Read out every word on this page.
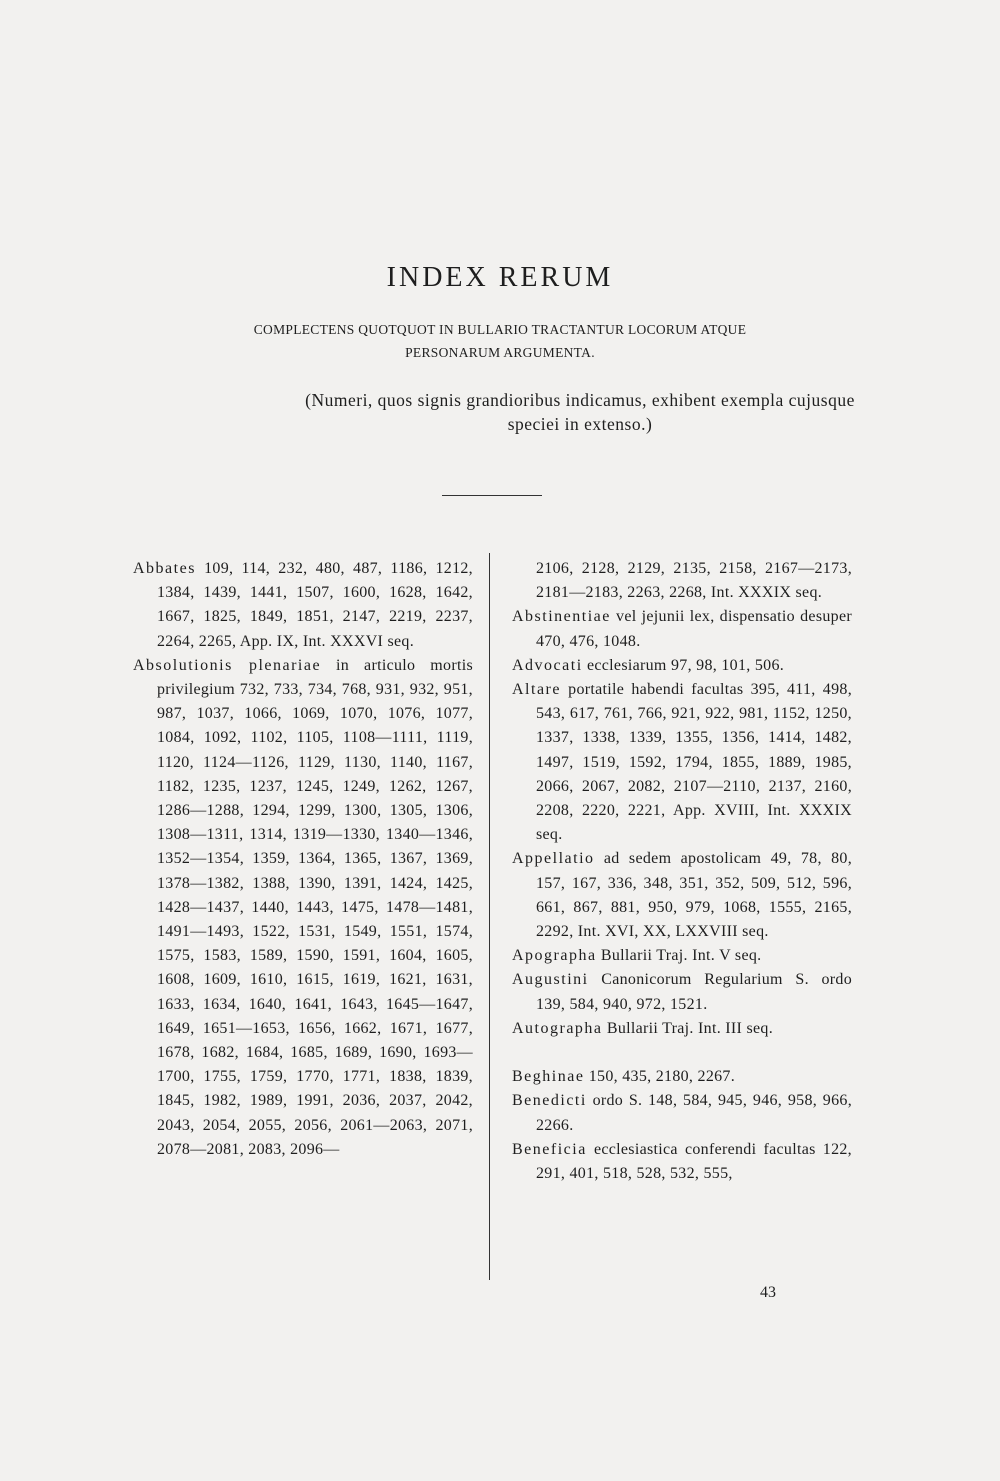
INDEX RERUM
COMPLECTENS QUOTQUOT IN BULLARIO TRACTANTUR LOCORUM ATQUE
PERSONARUM ARGUMENTA.
(Numeri, quos signis grandioribus indicamus, exhibent exempla cujusque
speciei in extenso.)

Abbates 109, 114, 232, 480, 487, 1186, 1212, 1384, 1439, 1441, 1507, 1600, 1628, 1642, 1667, 1825, 1849, 1851, 2147, 2219, 2237, 2264, 2265, App. IX, Int. XXXVI seq.

Absolutionis plenariae in articulo mortis privilegium 732, 733, 734, 768, 931, 932, 951, 987, 1037, 1066, 1069, 1070, 1076, 1077, 1084, 1092, 1102, 1105, 1108—1111, 1119, 1120, 1124—1126, 1129, 1130, 1140, 1167, 1182, 1235, 1237, 1245, 1249, 1262, 1267, 1286—1288, 1294, 1299, 1300, 1305, 1306, 1308—1311, 1314, 1319—1330, 1340—1346, 1352—1354, 1359, 1364, 1365, 1367, 1369, 1378—1382, 1388, 1390, 1391, 1424, 1425, 1428—1437, 1440, 1443, 1475, 1478—1481, 1491—1493, 1522, 1531, 1549, 1551, 1574, 1575, 1583, 1589, 1590, 1591, 1604, 1605, 1608, 1609, 1610, 1615, 1619, 1621, 1631, 1633, 1634, 1640, 1641, 1643, 1645—1647, 1649, 1651—1653, 1656, 1662, 1671, 1677, 1678, 1682, 1684, 1685, 1689, 1690, 1693—1700, 1755, 1759, 1770, 1771, 1838, 1839, 1845, 1982, 1989, 1991, 2036, 2037, 2042, 2043, 2054, 2055, 2056, 2061—2063, 2071, 2078—2081, 2083, 2096—

2106, 2128, 2129, 2135, 2158, 2167—2173, 2181—2183, 2263, 2268, Int. XXXIX seq.

Abstinentiae vel jejunii lex, dispensatio desuper 470, 476, 1048.

Advocati ecclesiarum 97, 98, 101, 506.

Altare portatile habendi facultas 395, 411, 498, 543, 617, 761, 766, 921, 922, 981, 1152, 1250, 1337, 1338, 1339, 1355, 1356, 1414, 1482, 1497, 1519, 1592, 1794, 1855, 1889, 1985, 2066, 2067, 2082, 2107—2110, 2137, 2160, 2208, 2220, 2221, App. XVIII, Int. XXXIX seq.

Appellatio ad sedem apostolicam 49, 78, 80, 157, 167, 336, 348, 351, 352, 509, 512, 596, 661, 867, 881, 950, 979, 1068, 1555, 2165, 2292, Int. XVI, XX, LXXVIII seq.

Apographa Bullarii Traj. Int. V seq.

Augustini Canonicorum Regularium S. ordo 139, 584, 940, 972, 1521.

Autographa Bullarii Traj. Int. III seq.

Beghinae 150, 435, 2180, 2267.

Benedicti ordo S. 148, 584, 945, 946, 958, 966, 2266.

Beneficia ecclesiastica conferendi facultas 122, 291, 401, 518, 528, 532, 555,

43
